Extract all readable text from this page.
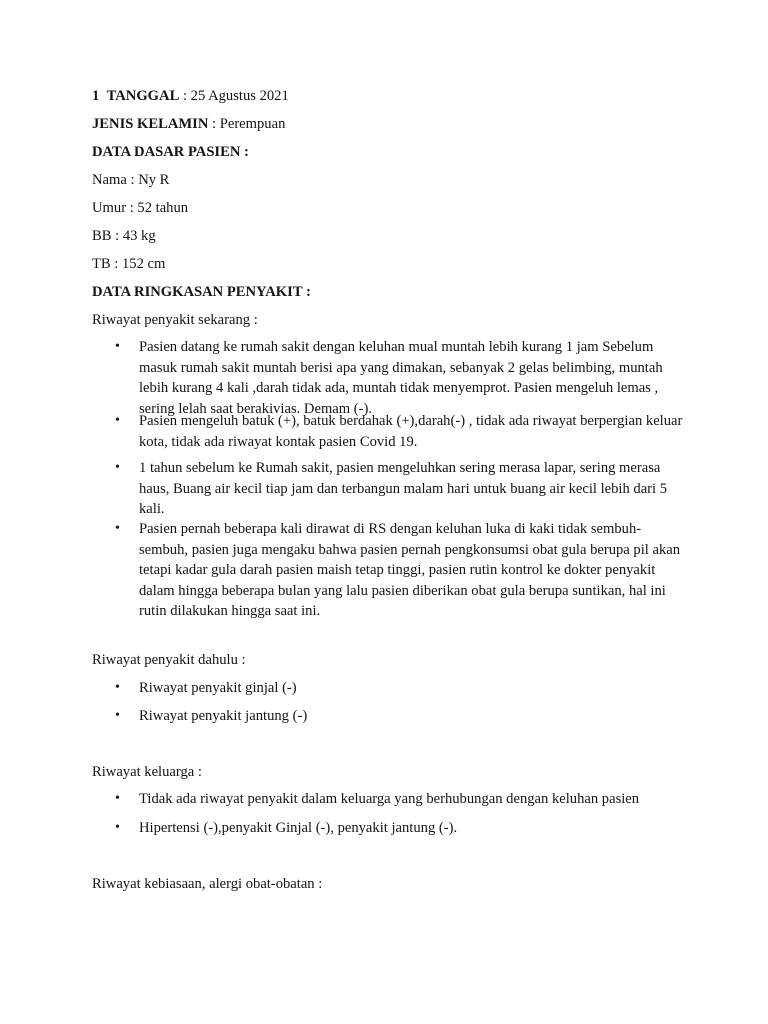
1 TANGGAL : 25 Agustus 2021
JENIS KELAMIN : Perempuan
DATA DASAR PASIEN :
Nama : Ny R
Umur : 52 tahun
BB : 43 kg
TB : 152 cm
DATA RINGKASAN PENYAKIT :
Riwayat penyakit sekarang :
•	Pasien datang ke rumah sakit dengan keluhan mual muntah lebih kurang 1 jam Sebelum masuk rumah sakit muntah berisi apa yang dimakan, sebanyak 2 gelas belimbing, muntah lebih kurang 4 kali ,darah tidak ada, muntah tidak menyemprot. Pasien mengeluh lemas , sering lelah saat berakivias. Demam (-).
•	Pasien mengeluh batuk (+), batuk berdahak (+),darah(-) , tidak ada riwayat berpergian keluar kota, tidak ada riwayat kontak pasien Covid 19.
•	1 tahun sebelum ke Rumah sakit, pasien mengeluhkan sering merasa lapar, sering merasa haus, Buang air kecil tiap jam dan terbangun malam hari untuk buang air kecil lebih dari 5 kali.
•	Pasien pernah beberapa kali dirawat di RS dengan keluhan luka di kaki tidak sembuh-sembuh, pasien juga mengaku bahwa pasien pernah pengkonsumsi obat gula berupa pil akan tetapi kadar gula darah pasien maish tetap tinggi, pasien rutin kontrol ke dokter penyakit dalam hingga beberapa bulan yang lalu pasien diberikan obat gula berupa suntikan, hal ini rutin dilakukan hingga saat ini.
Riwayat penyakit dahulu :
•	Riwayat penyakit ginjal (-)
•	Riwayat penyakit jantung (-)
Riwayat keluarga :
•	Tidak ada riwayat penyakit dalam keluarga yang berhubungan dengan keluhan pasien
•	Hipertensi (-),penyakit Ginjal (-), penyakit jantung (-).
Riwayat kebiasaan, alergi obat-obatan :
